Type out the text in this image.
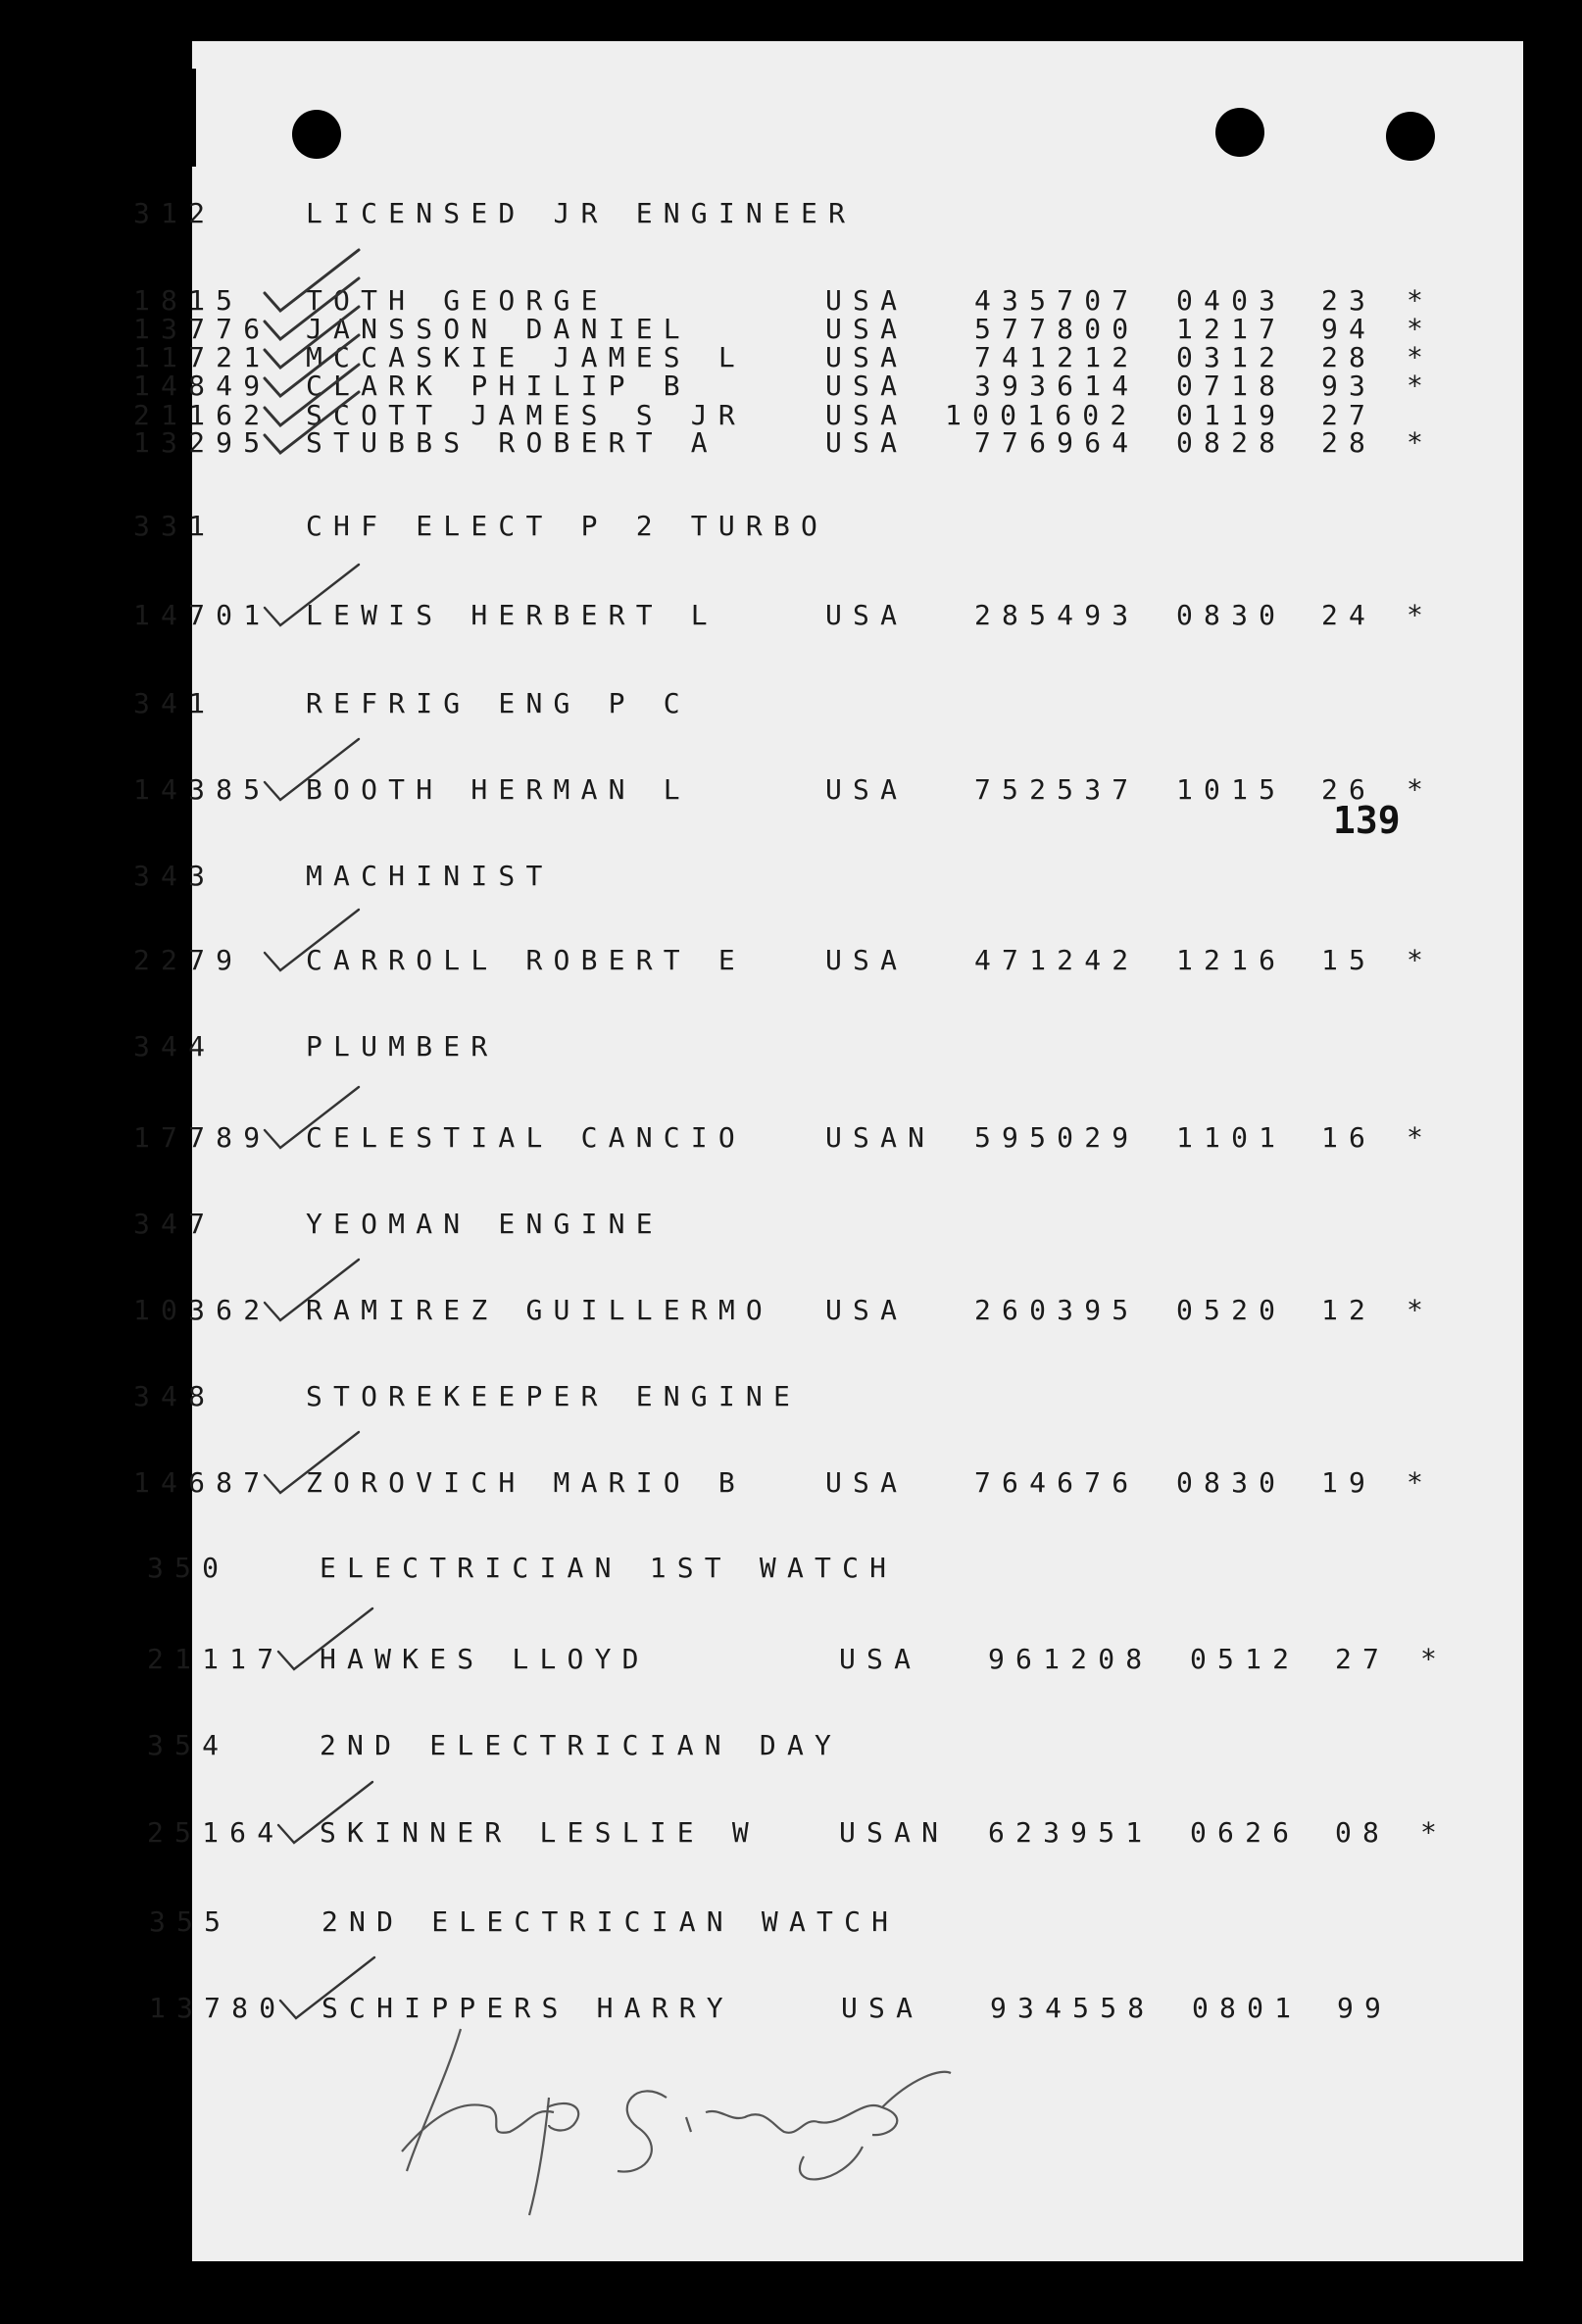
139
312	LICENSED JR ENGINEER
1815 TOTH GEORGE	USA 435707 0403 23 *
13776 JANSSON DANIEL	USA 577800 1217 94 *
11721 MCCASKIE JAMES L	USA 741212 0312 28 *
14849 CLARK PHILIP B	USA 393614 0718 93 *
21162 SCOTT JAMES S JR	USA 1001602 0119 27
13295 STUBBS ROBERT A	USA 776964 0828 28 *
331	CHF ELECT P 2 TURBO
14701 LEWIS HERBERT L	USA 285493 0830 24 *
341	REFRIG ENG P C
14385 BOOTH HERMAN L	USA 752537 1015 26 *
343	MACHINIST
2279 CARROLL ROBERT E	USA 471242 1216 15 *
344	PLUMBER
17789 CELESTIAL CANCIO	USAN 595029 1101 16 *
347	YEOMAN ENGINE
10362 RAMIREZ GUILLERMO USA 260395 0520 12 *
348	STOREKEEPER ENGINE
14687 ZOROVICH MARIO B	USA 764676 0830 19 *
350	ELECTRICIAN 1ST WATCH
21117 HAWKES LLOYD	USA 961208 0512 27 *
354	2ND ELECTRICIAN DAY
25164 SKINNER LESLIE W	USAN 623951 0626 08 *
355	2ND ELECTRICIAN WATCH
13780 SCHIPPERS HARRY	USA 934558 0801 99
